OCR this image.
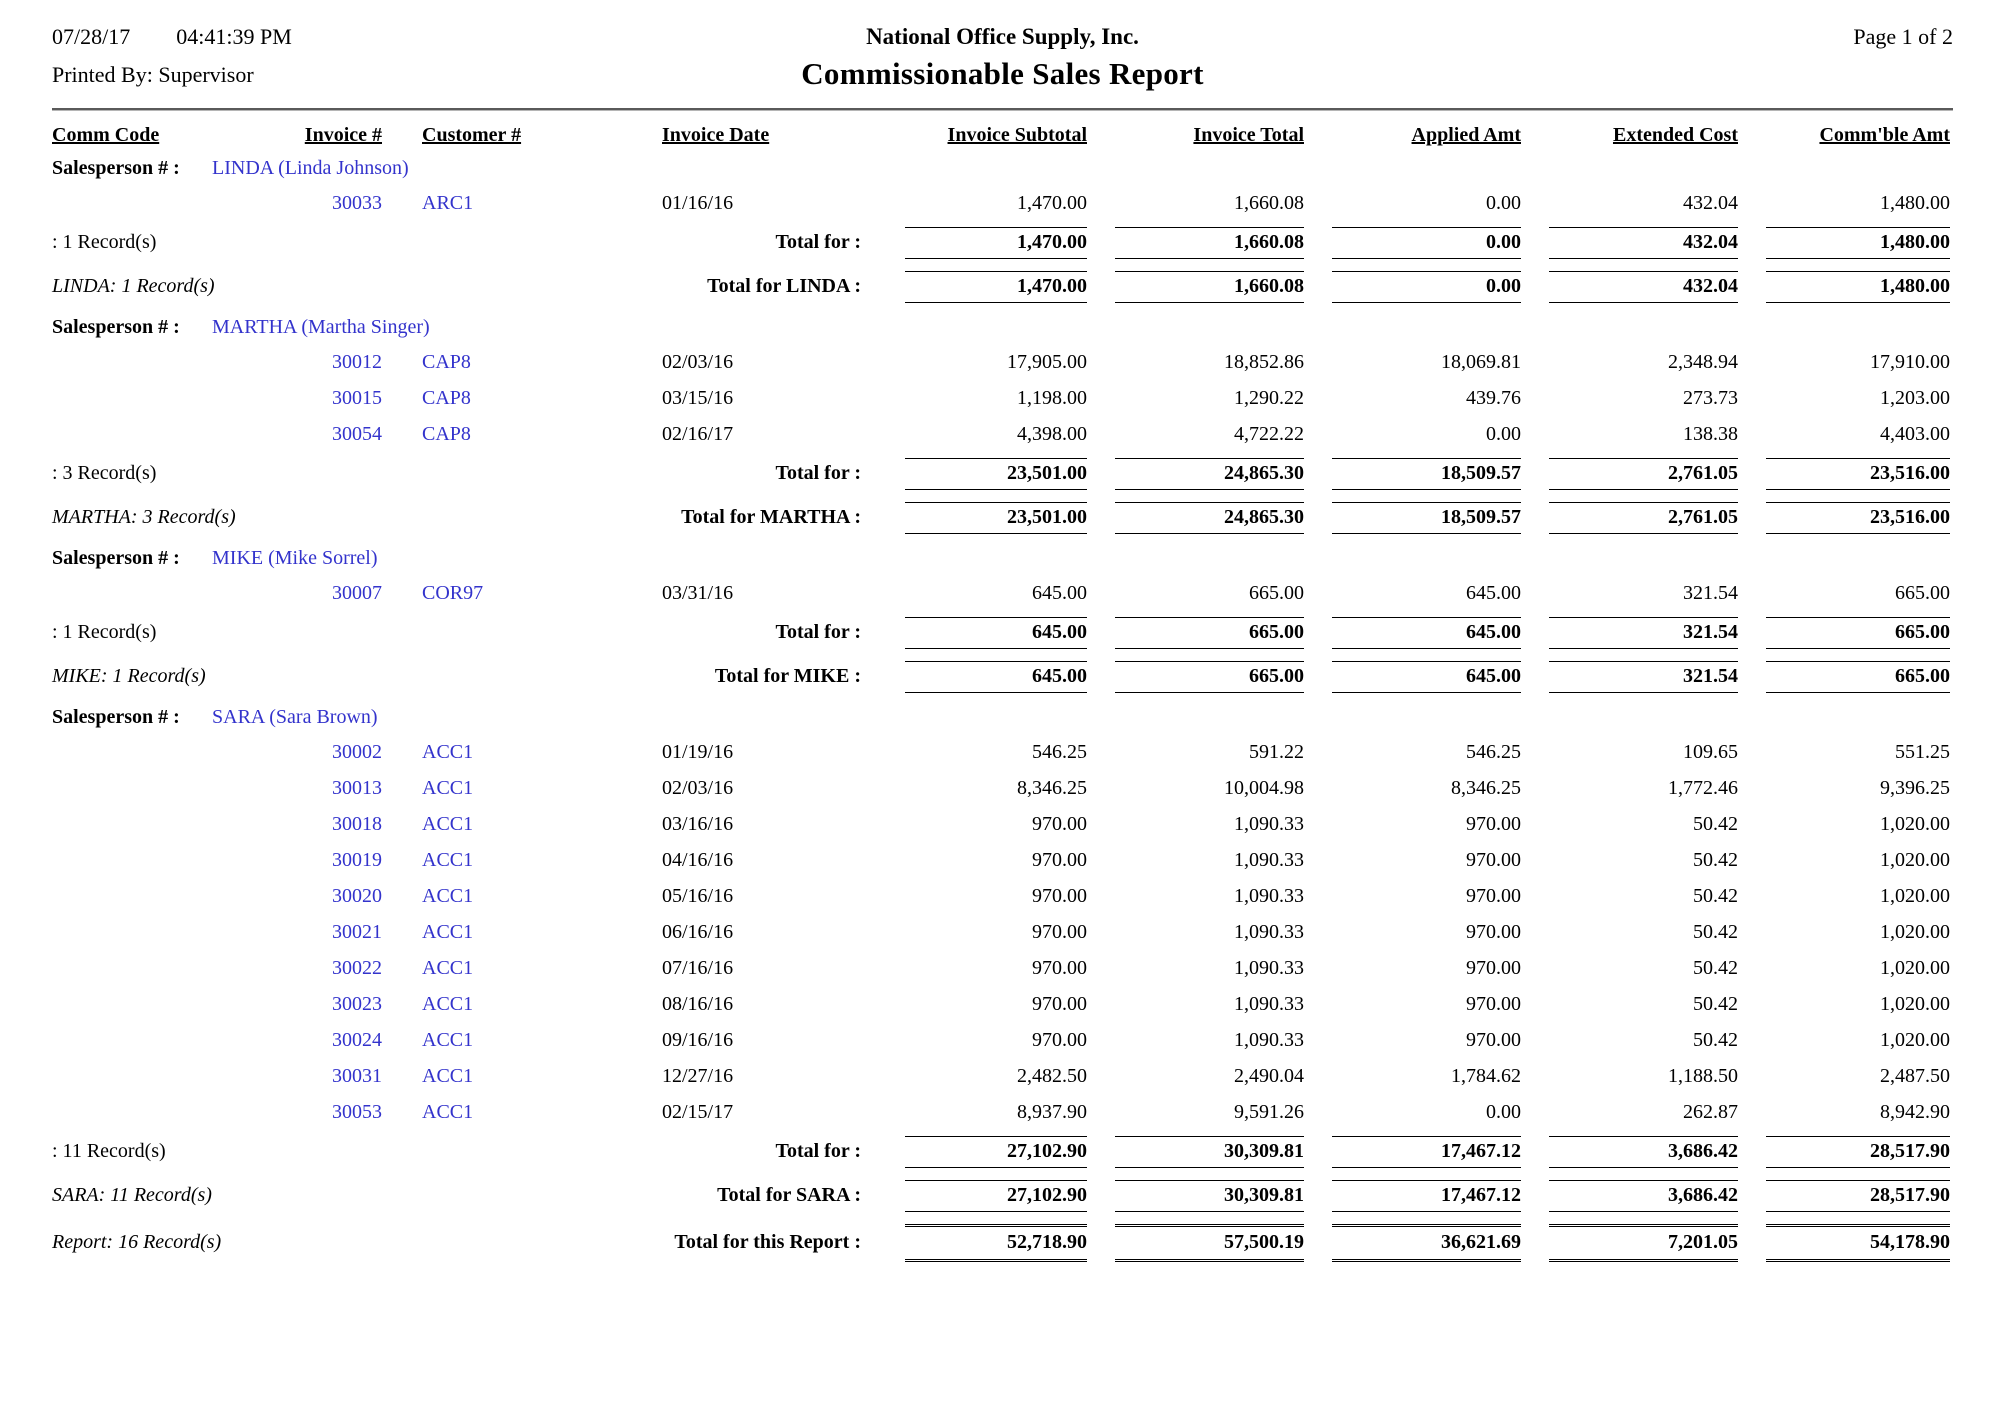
07/28/17 04:41:39 PM
Printed By: Supervisor
National Office Supply, Inc.
Commissionable Sales Report
Page 1 of 2
Comm Code	Invoice # Customer #	Invoice Date	Invoice Subtotal	Invoice Total	Applied Amt	Extended Cost	Comm'ble Amt
Salesperson # :	LINDA (Linda Johnson)
30033 ARC1	01/16/16	1,470.00	1,660.08	0.00	432.04	1,480.00
: 1 Record(s)	Total for :	1,470.00	1,660.08	0.00	432.04	1,480.00
LINDA: 1 Record(s)	Total for LINDA :	1,470.00	1,660.08	0.00	432.04	1,480.00
Salesperson # :	MARTHA (Martha Singer)
30012 CAP8	02/03/16	17,905.00	18,852.86	18,069.81	2,348.94	17,910.00
30015 CAP8	03/15/16	1,198.00	1,290.22	439.76	273.73	1,203.00
30054 CAP8	02/16/17	4,398.00	4,722.22	0.00	138.38	4,403.00
: 3 Record(s)	Total for :	23,501.00	24,865.30	18,509.57	2,761.05	23,516.00
MARTHA: 3 Record(s)	Total for MARTHA :	23,501.00	24,865.30	18,509.57	2,761.05	23,516.00
Salesperson # :	MIKE (Mike Sorrel)
30007 COR97	03/31/16	645.00	665.00	645.00	321.54	665.00
: 1 Record(s)	Total for :	645.00	665.00	645.00	321.54	665.00
MIKE: 1 Record(s)	Total for MIKE :	645.00	665.00	645.00	321.54	665.00
Salesperson # :	SARA (Sara Brown)
30002 ACC1	01/19/16	546.25	591.22	546.25	109.65	551.25
30013 ACC1	02/03/16	8,346.25	10,004.98	8,346.25	1,772.46	9,396.25
30018 ACC1	03/16/16	970.00	1,090.33	970.00	50.42	1,020.00
30019 ACC1	04/16/16	970.00	1,090.33	970.00	50.42	1,020.00
30020 ACC1	05/16/16	970.00	1,090.33	970.00	50.42	1,020.00
30021 ACC1	06/16/16	970.00	1,090.33	970.00	50.42	1,020.00
30022 ACC1	07/16/16	970.00	1,090.33	970.00	50.42	1,020.00
30023 ACC1	08/16/16	970.00	1,090.33	970.00	50.42	1,020.00
30024 ACC1	09/16/16	970.00	1,090.33	970.00	50.42	1,020.00
30031 ACC1	12/27/16	2,482.50	2,490.04	1,784.62	1,188.50	2,487.50
30053 ACC1	02/15/17	8,937.90	9,591.26	0.00	262.87	8,942.90
: 11 Record(s)	Total for :	27,102.90	30,309.81	17,467.12	3,686.42	28,517.90
SARA: 11 Record(s)	Total for SARA :	27,102.90	30,309.81	17,467.12	3,686.42	28,517.90
Report: 16 Record(s)	Total for this Report :	52,718.90	57,500.19	36,621.69	7,201.05	54,178.90
